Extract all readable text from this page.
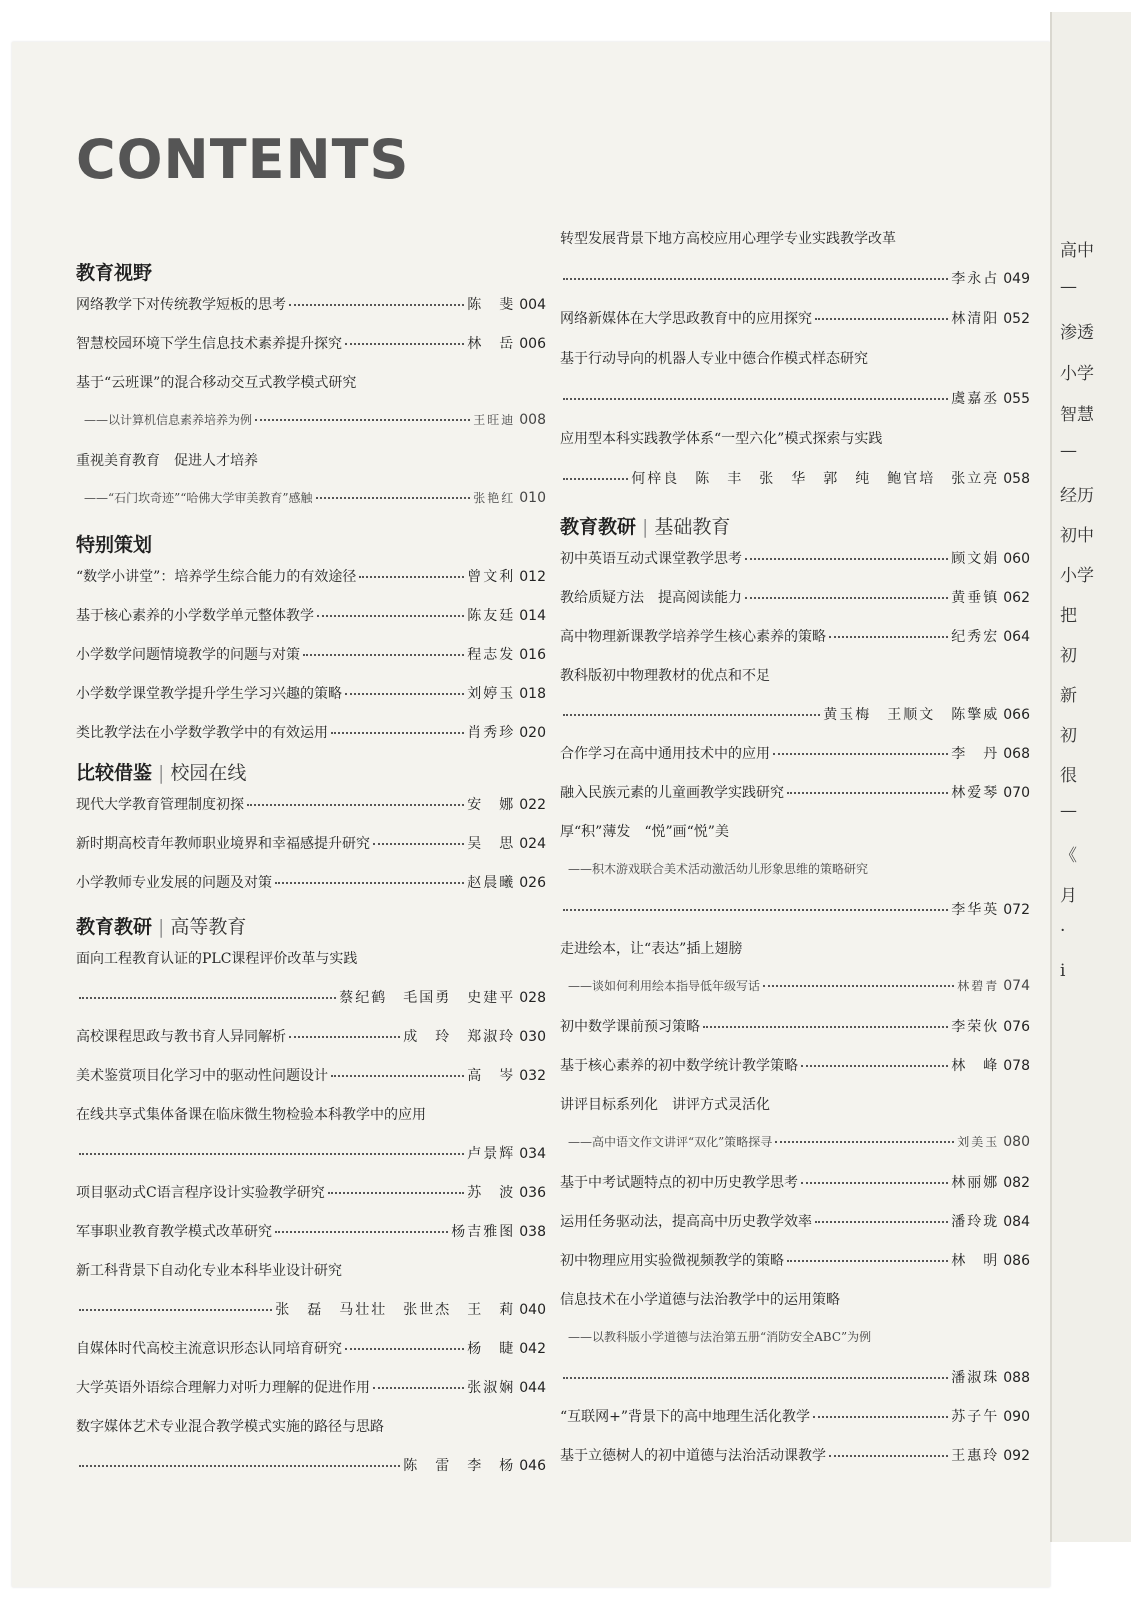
高中
—
渗透
小学
智慧
—
经历
初中
小学
把
初
新
初
很
—
《
月
·
i
CONTENTS
教育视野
网络教学下对传统教学短板的思考	陈　斐 004
智慧校园环境下学生信息技术素养提升探究	林　岳 006
基于“云班课”的混合移动交互式教学模式研究
——以计算机信息素养培养为例	王旺迪 008
重视美育教育　促进人才培养
——“石门坎奇迹”“哈佛大学审美教育”感触	张艳红 010
特别策划
“数学小讲堂”：培养学生综合能力的有效途径	曾文利 012
基于核心素养的小学数学单元整体教学	陈友廷 014
小学数学问题情境教学的问题与对策	程志发 016
小学数学课堂教学提升学生学习兴趣的策略	刘婷玉 018
类比教学法在小学数学教学中的有效运用	肖秀珍 020
比较借鉴 | 校园在线
现代大学教育管理制度初探	安　娜 022
新时期高校青年教师职业境界和幸福感提升研究	吴　思 024
小学教师专业发展的问题及对策	赵晨曦 026
教育教研 | 高等教育
面向工程教育认证的PLC课程评价改革与实践
蔡纪鹤　毛国勇　史建平 028
高校课程思政与教书育人异同解析	成　玲　郑淑玲 030
美术鉴赏项目化学习中的驱动性问题设计	高　岑 032
在线共享式集体备课在临床微生物检验本科教学中的应用
卢景辉 034
项目驱动式C语言程序设计实验教学研究	苏　波 036
军事职业教育教学模式改革研究	杨吉雅图 038
新工科背景下自动化专业本科毕业设计研究
张　磊　马壮壮　张世杰　王　莉 040
自媒体时代高校主流意识形态认同培育研究	杨　睫 042
大学英语外语综合理解力对听力理解的促进作用	张淑娴 044
数字媒体艺术专业混合教学模式实施的路径与思路
陈　雷　李　杨 046
转型发展背景下地方高校应用心理学专业实践教学改革
李永占 049
网络新媒体在大学思政教育中的应用探究	林清阳 052
基于行动导向的机器人专业中德合作模式样态研究
虞嘉丞 055
应用型本科实践教学体系“一型六化”模式探索与实践
何梓良　陈　丰　张　华　郭　纯　鲍官培　张立亮 058
教育教研 | 基础教育
初中英语互动式课堂教学思考	顾文娟 060
教给质疑方法　提高阅读能力	黄垂镇 062
高中物理新课教学培养学生核心素养的策略	纪秀宏 064
教科版初中物理教材的优点和不足
黄玉梅　王顺文　陈擎威 066
合作学习在高中通用技术中的应用	李　丹 068
融入民族元素的儿童画教学实践研究	林爱琴 070
厚“积”薄发　“悦”画“悦”美
——积木游戏联合美术活动激活幼儿形象思维的策略研究
李华英 072
走进绘本，让“表达”插上翅膀
——谈如何利用绘本指导低年级写话	林碧青 074
初中数学课前预习策略	李荣伙 076
基于核心素养的初中数学统计教学策略	林　峰 078
讲评目标系列化　讲评方式灵活化
——高中语文作文讲评“双化”策略探寻	刘美玉 080
基于中考试题特点的初中历史教学思考	林丽娜 082
运用任务驱动法，提高高中历史教学效率	潘玲珑 084
初中物理应用实验微视频教学的策略	林　明 086
信息技术在小学道德与法治教学中的运用策略
——以教科版小学道德与法治第五册“消防安全ABC”为例
潘淑珠 088
“互联网+”背景下的高中地理生活化教学	苏子午 090
基于立德树人的初中道德与法治活动课教学	王惠玲 092
